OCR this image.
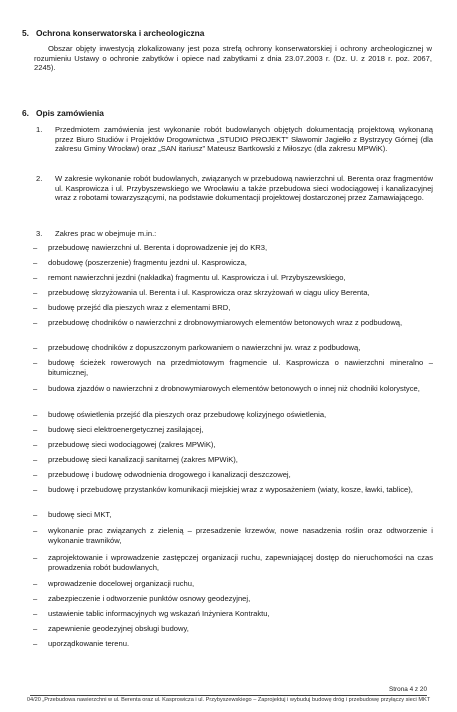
5.   Ochrona konserwatorska i archeologiczna
Obszar objęty inwestycją zlokalizowany jest poza strefą ochrony konserwatorskiej i ochrony archeologicznej w rozumieniu Ustawy o ochronie zabytków i opiece nad zabytkami z dnia 23.07.2003 r. (Dz. U. z 2018 r. poz. 2067, 2245).
6.   Opis zamówienia
1. Przedmiotem zamówienia jest wykonanie robót budowlanych objętych dokumentacją projektową wykonaną przez Biuro Studiów i Projektów Drogownictwa „STUDIO PROJEKT” Sławomir Jagiełło z Bystrzycy Górnej (dla zakresu Gminy Wrocław) oraz „SAN itariusz” Mateusz Bartkowski z Miłoszyc (dla zakresu MPWiK).
2. W zakresie wykonanie robót budowlanych, związanych w przebudową nawierzchni ul. Berenta oraz fragmentów ul. Kasprowicza i ul. Przybyszewskiego we Wrocławiu a także przebudowa sieci wodociągowej i kanalizacyjnej wraz z robotami towarzyszącymi, na podstawie dokumentacji projektowej dostarczonej przez Zamawiającego.
3. Zakres prac w obejmuje m.in.:
– przebudowę nawierzchni ul. Berenta i doprowadzenie jej do KR3,
– dobudowę (poszerzenie) fragmentu jezdni ul. Kasprowicza,
– remont nawierzchni jezdni (nakładka) fragmentu ul. Kasprowicza i ul. Przybyszewskiego,
– przebudowę skrzyżowania ul. Berenta i ul. Kasprowicza oraz skrzyżowań w ciągu ulicy Berenta,
– budowę przejść dla pieszych wraz z elementami BRD,
– przebudowę chodników o nawierzchni z drobnowymiarowych elementów betonowych wraz z podbudową,
– przebudowę chodników z dopuszczonym parkowaniem o nawierzchni jw. wraz z podbudową,
– budowę ścieżek rowerowych na przedmiotowym fragmencie ul. Kasprowicza o nawierzchni mineralno – bitumicznej,
– budowa zjazdów o nawierzchni z drobnowymiarowych elementów betonowych o innej niż chodniki kolorystyce,
– budowę oświetlenia przejść dla pieszych oraz przebudowę kolizyjnego oświetlenia,
– budowę sieci elektroenergetycznej zasilającej,
– przebudowę sieci wodociągowej (zakres MPWiK),
– przebudowę sieci kanalizacji sanitarnej (zakres MPWiK),
– przebudowę i budowę odwodnienia drogowego i kanalizacji deszczowej,
– budowę i przebudowę przystanków komunikacji miejskiej wraz z wyposażeniem (wiaty, kosze, ławki, tablice),
– budowę sieci MKT,
– wykonanie prac związanych z zielenią – przesadzenie krzewów, nowe nasadzenia roślin oraz odtworzenie i wykonanie trawników,
– zaprojektowanie i wprowadzenie zastępczej organizacji ruchu, zapewniającej dostęp do nieruchomości na czas prowadzenia robót budowlanych,
– wprowadzenie docelowej organizacji ruchu,
– zabezpieczenie i odtworzenie punktów osnowy geodezyjnej,
– ustawienie tablic informacyjnych wg wskazań Inżyniera Kontraktu,
– zapewnienie geodezyjnej obsługi budowy,
– uporządkowanie terenu.
Strona 4 z 20
04/20 „Przebudowa nawierzchni w ul. Berenta oraz ul. Kasprowicza i ul. Przybyszewskiego – Zaprojektuj i wybuduj budowę dróg i przebudowę przyłączy sieci MKT
